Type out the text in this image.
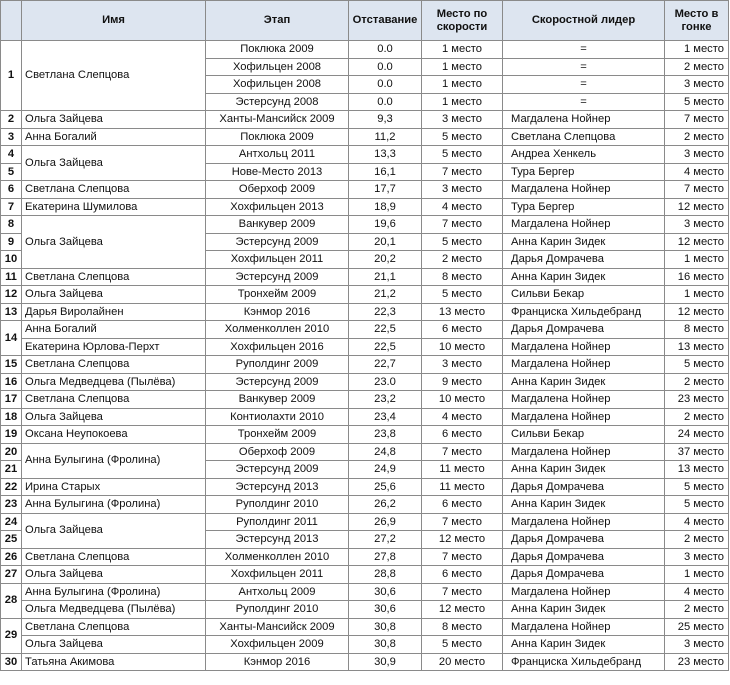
	Имя	Этап	Отставание	Место по скорости	Скоростной лидер	Место в гонке
1	Светлана Слепцова	Поклюка 2009	0.0	1 место	=	1 место
		Хофильцен 2008	0.0	1 место	=	2 место
		Хофильцен 2008	0.0	1 место	=	3 место
		Эстерсунд 2008	0.0	1 место	=	5 место
2	Ольга Зайцева	Ханты-Мансийск 2009	9,3	3 место	Магдалена Нойнер	7 место
3	Анна Богалий	Поклюка 2009	11,2	5 место	Светлана Слепцова	2 место
4	Ольга Зайцева	Антхольц 2011	13,3	5 место	Андреа Хенкель	3 место
5		Нове-Место 2013	16,1	7 место	Тура Бергер	4 место
6	Светлана Слепцова	Оберхоф 2009	17,7	3 место	Магдалена Нойнер	7 место
7	Екатерина Шумилова	Хохфильцен 2013	18,9	4 место	Тура Бергер	12 место
8	Ольга Зайцева	Ванкувер 2009	19,6	7 место	Магдалена Нойнер	3 место
9		Эстерсунд 2009	20,1	5 место	Анна Карин Зидек	12 место
10		Хохфильцен 2011	20,2	2 место	Дарья Домрачева	1 место
11	Светлана Слепцова	Эстерсунд 2009	21,1	8 место	Анна Карин Зидек	16 место
12	Ольга Зайцева	Тронхейм 2009	21,2	5 место	Сильви Бекар	1 место
13	Дарья Виролайнен	Кэнмор 2016	22,3	13 место	Франциска Хильдебранд	12 место
14	Анна Богалий	Холменколлен 2010	22,5	6 место	Дарья Домрачева	8 место
	Екатерина Юрлова-Перхт	Хохфильцен 2016	22,5	10 место	Магдалена Нойнер	13 место
15	Светлана Слепцова	Руполдинг 2009	22,7	3 место	Магдалена Нойнер	5 место
16	Ольга Медведцева (Пылёва)	Эстерсунд 2009	23.0	9 место	Анна Карин Зидек	2 место
17	Светлана Слепцова	Ванкувер 2009	23,2	10 место	Магдалена Нойнер	23 место
18	Ольга Зайцева	Контиолахти 2010	23,4	4 место	Магдалена Нойнер	2 место
19	Оксана Неупокоева	Тронхейм 2009	23,8	6 место	Сильви Бекар	24 место
20	Анна Булыгина (Фролина)	Оберхоф 2009	24,8	7 место	Магдалена Нойнер	37 место
21		Эстерсунд 2009	24,9	11 место	Анна Карин Зидек	13 место
22	Ирина Старых	Эстерсунд 2013	25,6	11 место	Дарья Домрачева	5 место
23	Анна Булыгина (Фролина)	Руполдинг 2010	26,2	6 место	Анна Карин Зидек	5 место
24	Ольга Зайцева	Руполдинг 2011	26,9	7 место	Магдалена Нойнер	4 место
25		Эстерсунд 2013	27,2	12 место	Дарья Домрачева	2 место
26	Светлана Слепцова	Холменколлен 2010	27,8	7 место	Дарья Домрачева	3 место
27	Ольга Зайцева	Хохфильцен 2011	28,8	6 место	Дарья Домрачева	1 место
28	Анна Булыгина (Фролина)	Антхольц 2009	30,6	7 место	Магдалена Нойнер	4 место
	Ольга Медведцева (Пылёва)	Руполдинг 2010	30,6	12 место	Анна Карин Зидек	2 место
29	Светлана Слепцова	Ханты-Мансийск 2009	30,8	8 место	Магдалена Нойнер	25 место
	Ольга Зайцева	Хохфильцен 2009	30,8	5 место	Анна Карин Зидек	3 место
30	Татьяна Акимова	Кэнмор 2016	30,9	20 место	Франциска Хильдебранд	23 место
